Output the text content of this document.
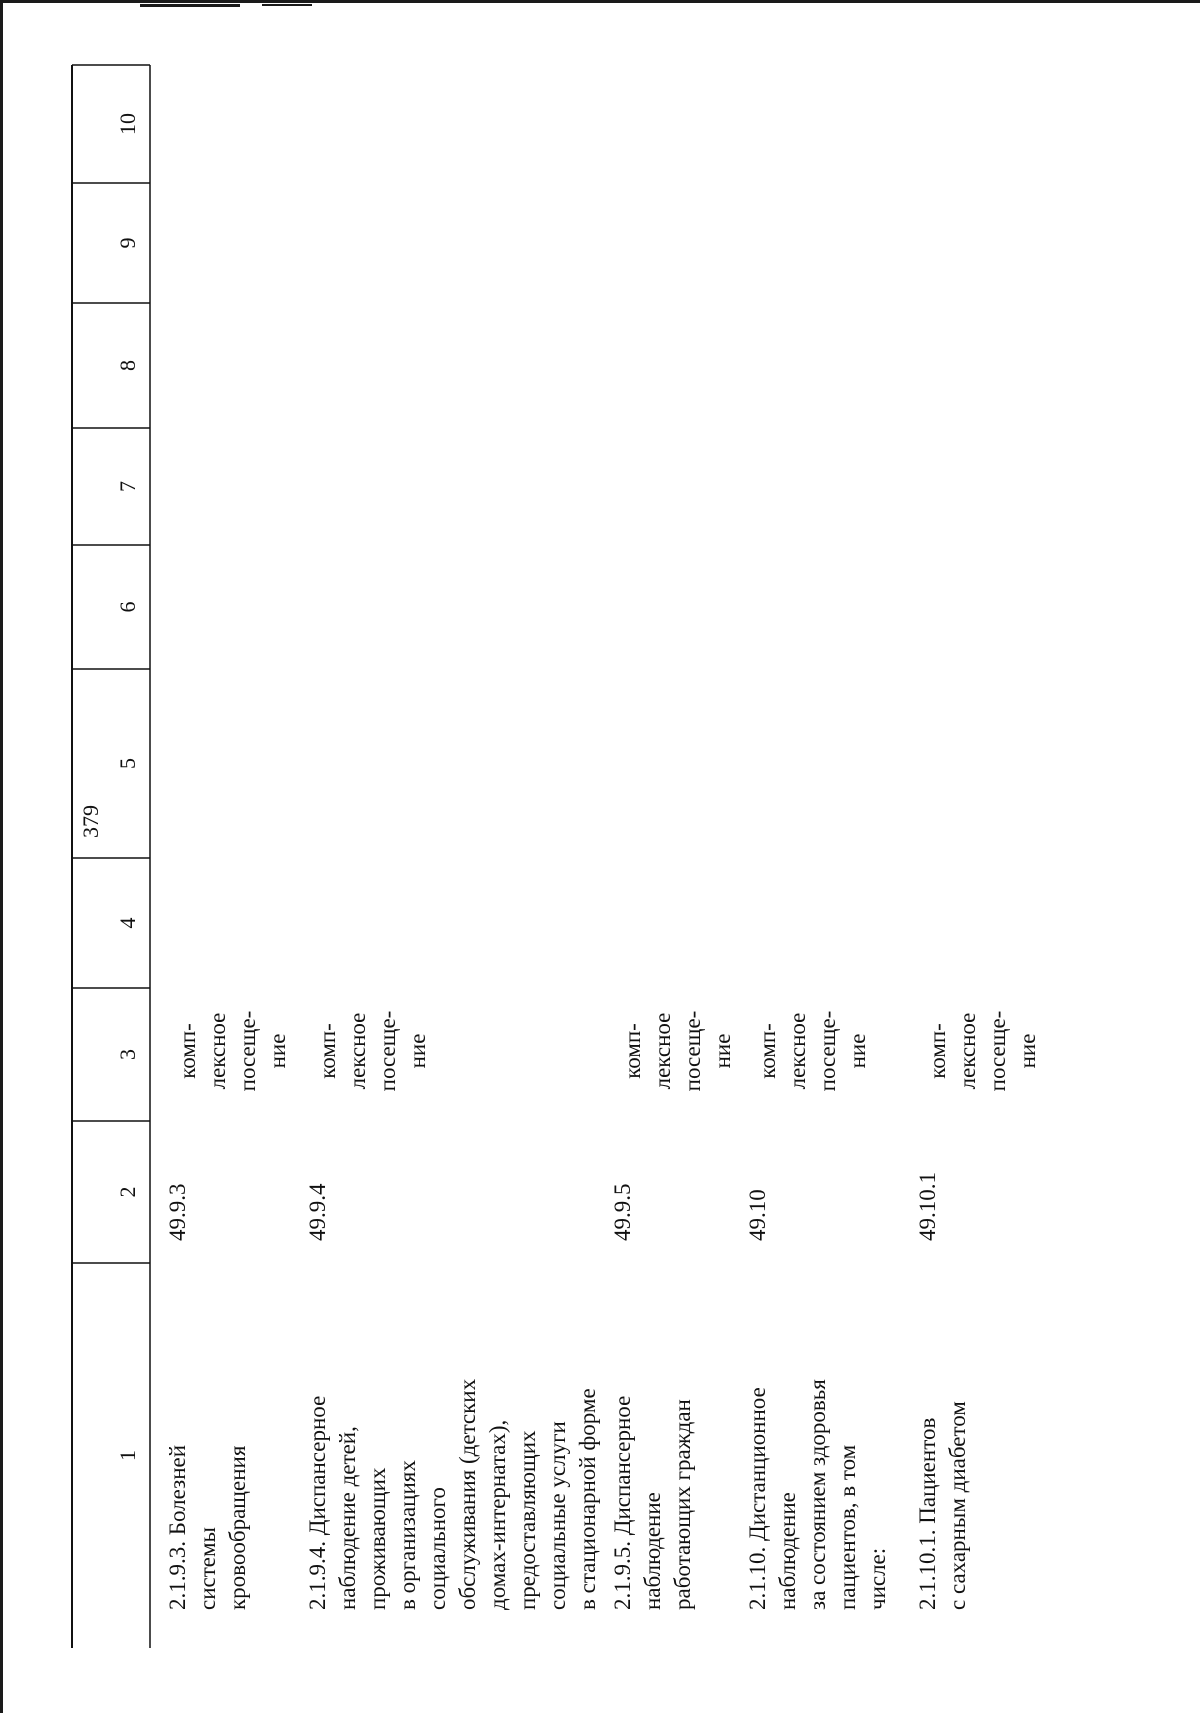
379
1
2
3
4
5
6
7
8
9
10
2.1.9.3. Болезней
системы
кровообращения
49.9.3
комп-
лексное
посеще-
ние
2.1.9.4. Диспансерное
наблюдение детей,
проживающих
в организациях
социального
обслуживания (детских
домах-интернатах),
предоставляющих
социальные услуги
в стационарной форме
49.9.4
комп-
лексное
посеще-
ние
2.1.9.5. Диспансерное
наблюдение
работающих граждан
49.9.5
комп-
лексное
посеще-
ние
2.1.10. Дистанционное
наблюдение
за состоянием здоровья
пациентов, в том
числе:
49.10
комп-
лексное
посеще-
ние
2.1.10.1. Пациентов
с сахарным диабетом
49.10.1
комп-
лексное
посеще-
ние
